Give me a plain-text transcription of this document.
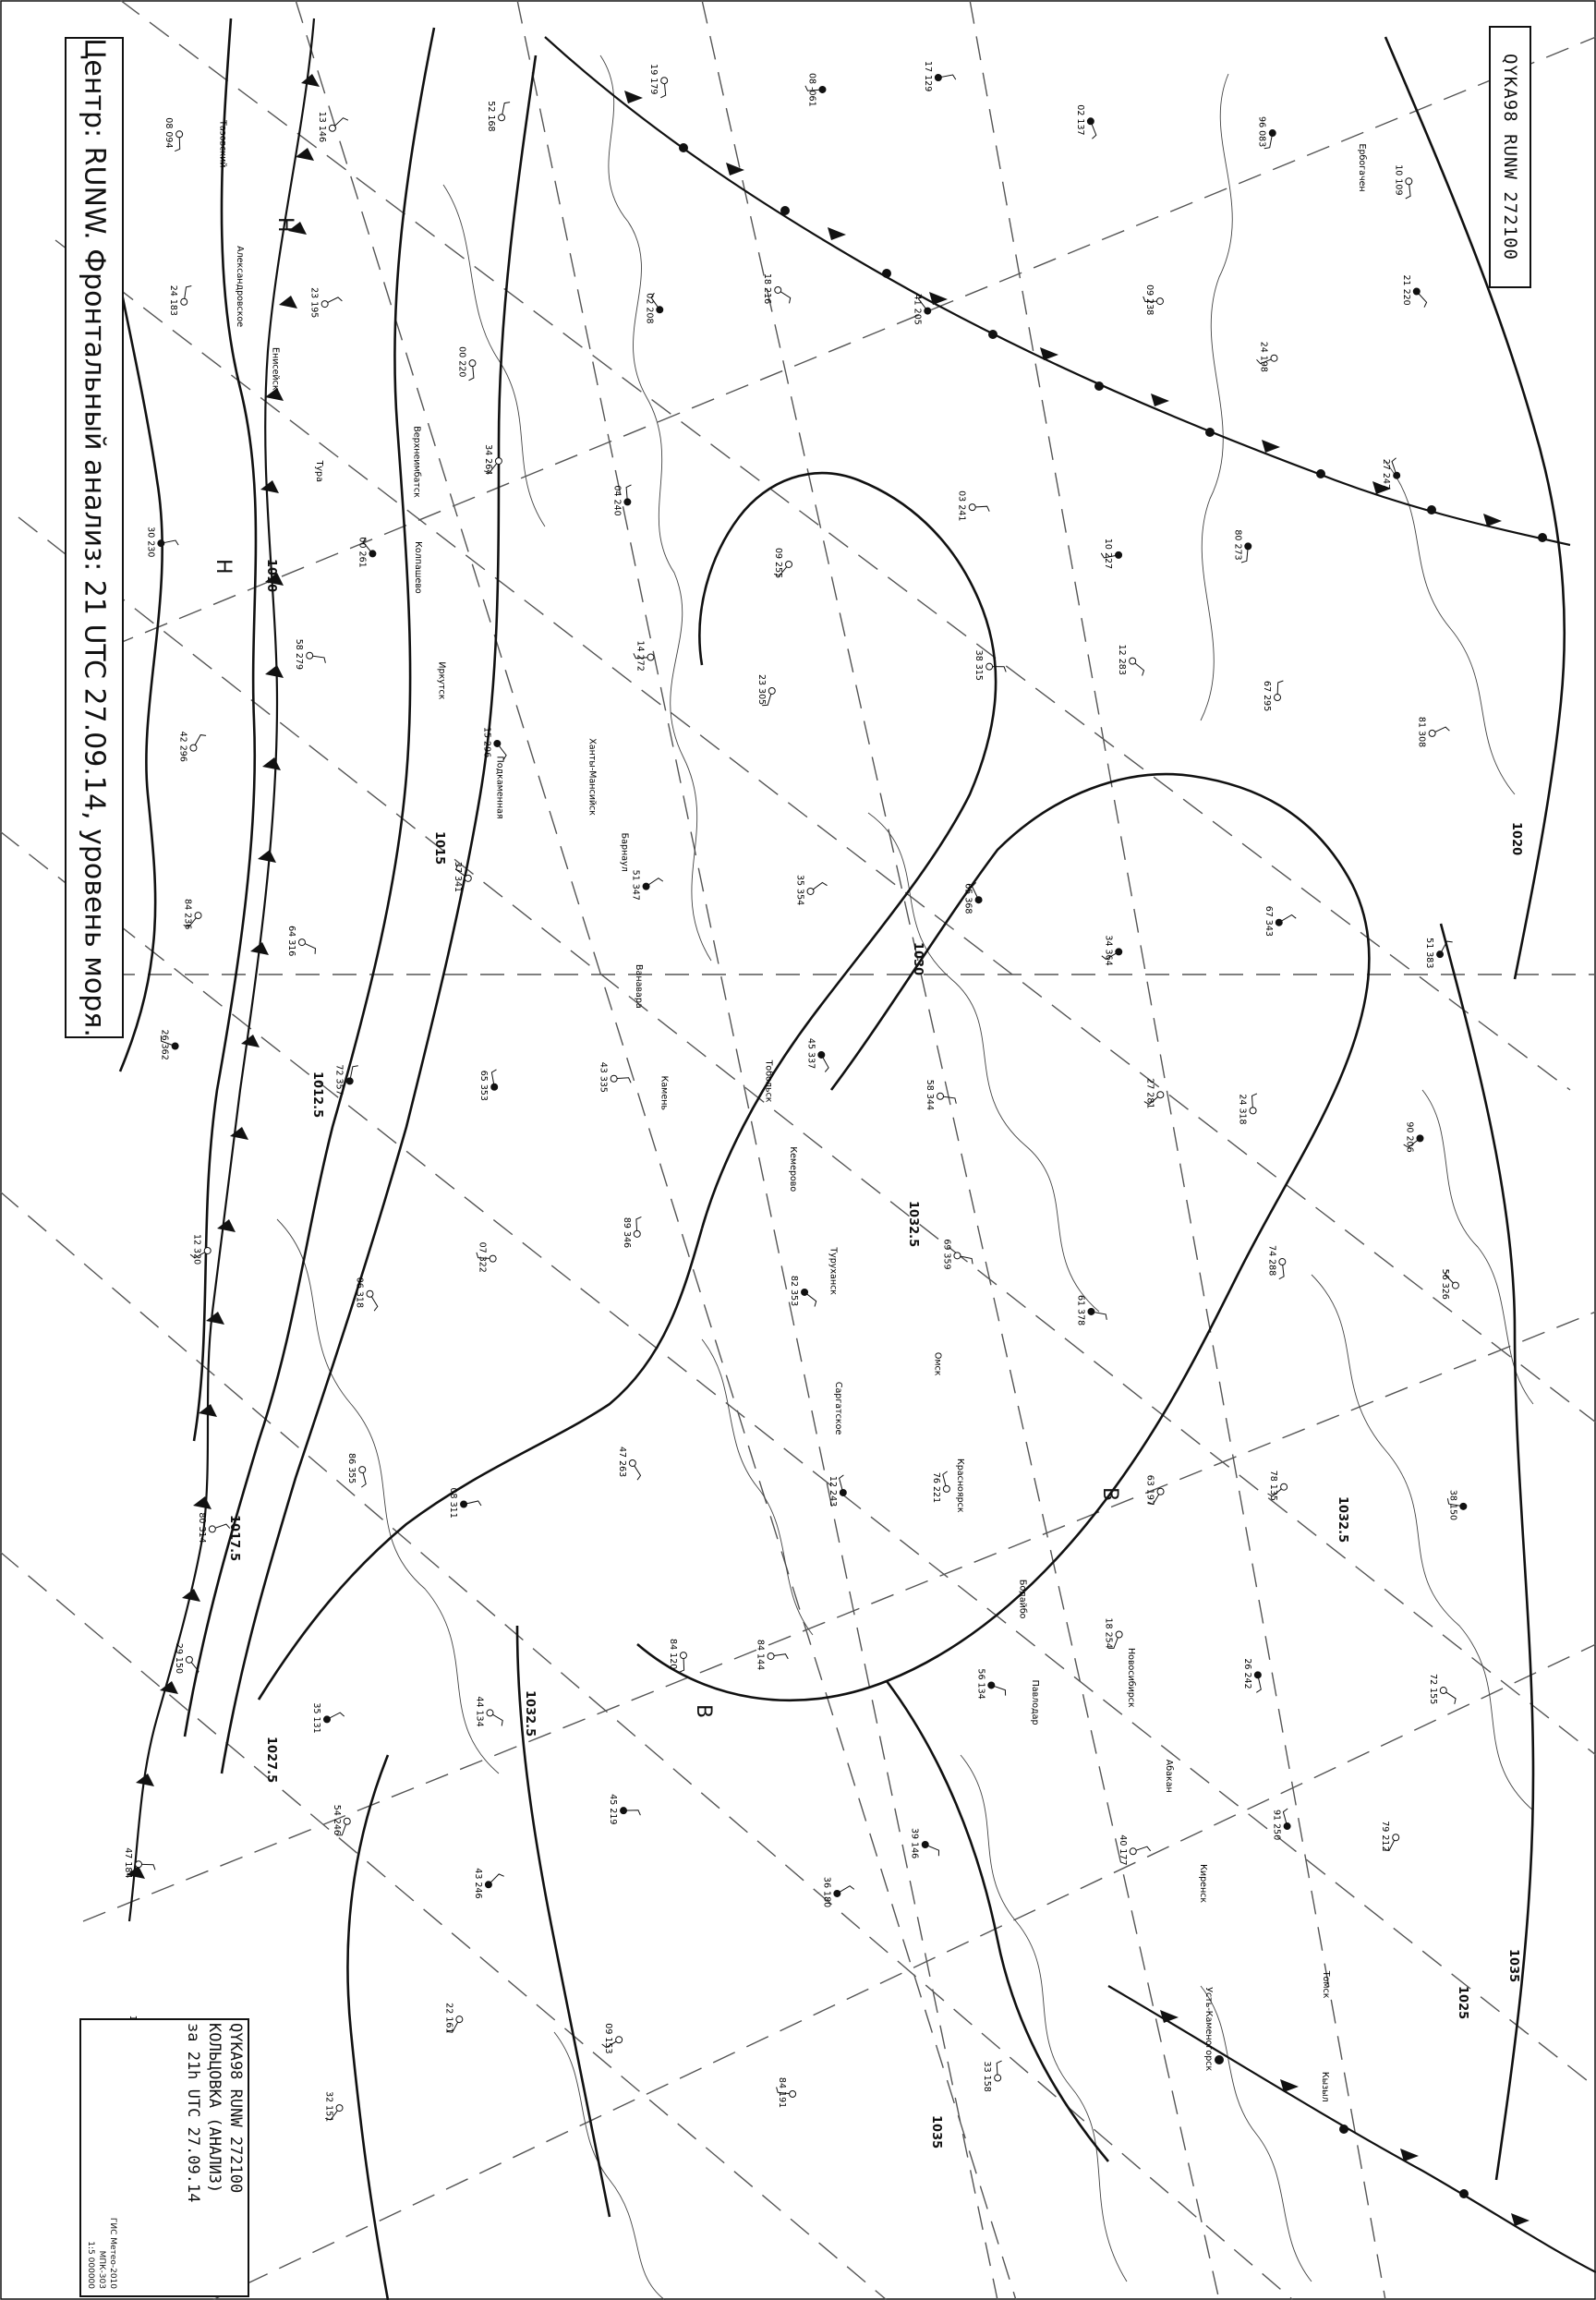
1010
1012.5
1015
1017.5
1020
1025
1027.5
1030
1032.5
1032.5
1032.5
1035
1035
Н
Н
В
В
08 094	13 146	52 168
19 179	08 -061	17 129
02 137	96 083
10 109
24 183	23 195
00 220
02 208
18 216
41 205	09 238
24 198
21 220
30 230	00 261
34 264
04 240
09 255
03 241
10 227	80 273
27 247
42 296
58 279
15 296
14 272
23 305
38 315	12 283
67 295
81 308
84 236
64 316
37 341	51 347	35 354	65 368
34 364
67 343
51 383
26 362
72 357	65 353	43 335
45 337
58 344	27 281
24 318
90 206
12 320
06 318
07 322
89 346
82 353
69 359
61 378
74 288
56 326
80 314
86 355
08 311
47 263
12 243	76 221	63 197	78 135
38 150
29 150
35 131	44 134
84 120	84 144
56 134
18 254
26 242
72 155
47 184
54 246
43 246
45 219
36 180
39 146	40 177
91 250	79 212
32 151
22 161
09 153
84 191
33 158
Тазовский
Верхнеимбатск
Ханты-Мансийск
Тобольск
Омск
Новосибирск
Томск
Александровское
Колпашево
Барнаул
Кемерово
Красноярск
Абакан
Кызыл
Енисейск
Иркутск
Ванавара
Туруханск
Бодайбо
Киренск
Ербогачен
Тура
Подкаменная
Камень
Саргатское
Павлодар
Усть-Каменогорск
Центр: RUNW. Фронтальный анализ: 21 UTC 27.09.14, уровень моря.	QYKA98 RUNW 272100
QYKA98 RUNW 272100
КОЛЬЦОВКА (АНАЛИЗ)
за 21h UTC 27.09.14
ГИС Метео-2010
МПК-303
1:5 000000
